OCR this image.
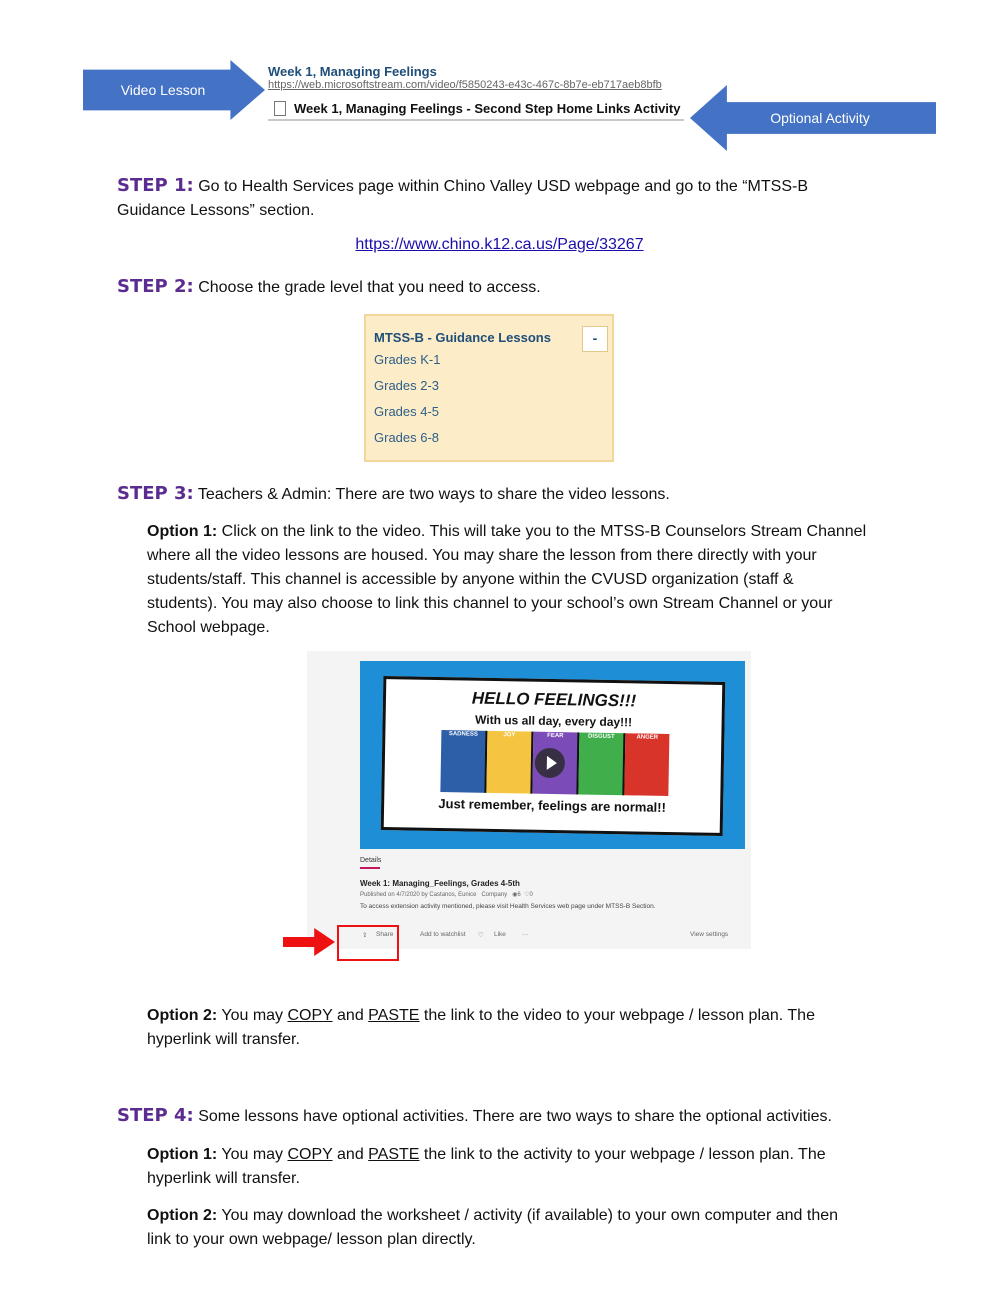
Video Lesson
Week 1, Managing Feelings
https://web.microsoftstream.com/video/f5850243-e43c-467c-8b7e-eb717aeb8bfb
Week 1, Managing Feelings - Second Step Home Links Activity
Optional Activity
STEP 1: Go to Health Services page within Chino Valley USD webpage and go to the “MTSS-B
Guidance Lessons” section.
https://www.chino.k12.ca.us/Page/33267
STEP 2: Choose the grade level that you need to access.
MTSS-B - Guidance Lessons	-
Grades K-1
Grades 2-3
Grades 4-5
Grades 6-8
STEP 3: Teachers & Admin: There are two ways to share the video lessons.
Option 1: Click on the link to the video. This will take you to the MTSS-B Counselors Stream Channel
where all the video lessons are housed. You may share the lesson from there directly with your
students/staff. This channel is accessible by anyone within the CVUSD organization (staff &
students). You may also choose to link this channel to your school’s own Stream Channel or your
School webpage.
HELLO FEELINGS!!!
With us all day, every day!!!
SADNESS	JOY	FEAR	DISGUST	ANGER
Just remember, feelings are normal!!
Details
Week 1: Managing_Feelings, Grades 4-5th
Published on 4/7/2020 by Castanos, Eunice Company ◉6 ♡0
To access extension activity mentioned, please visit Health Services web page under MTSS-B Section.
⇪ Share	Add to watchlist ♡ Like ···	View settings
Option 2: You may COPY and PASTE the link to the video to your webpage / lesson plan. The
hyperlink will transfer.
STEP 4: Some lessons have optional activities. There are two ways to share the optional activities.
Option 1: You may COPY and PASTE the link to the activity to your webpage / lesson plan. The
hyperlink will transfer.
Option 2: You may download the worksheet / activity (if available) to your own computer and then
link to your own webpage/ lesson plan directly.
